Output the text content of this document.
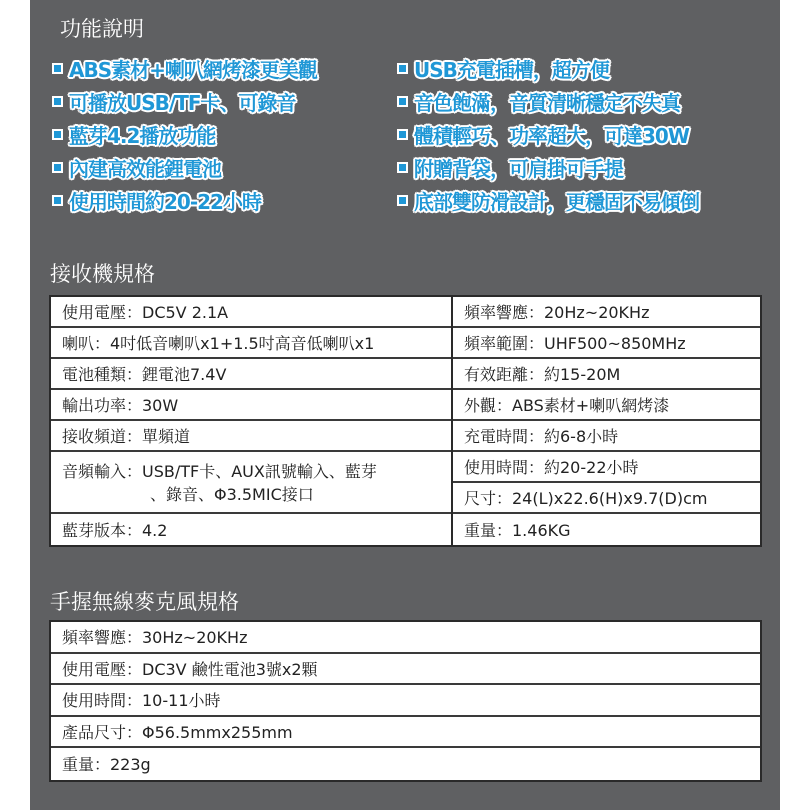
功能說明
ABS素材+喇叭網烤漆更美觀
可播放USB/TF卡、可錄音
藍芽4.2播放功能
內建高效能鋰電池
使用時間約20-22小時
USB充電插槽，超方便
音色飽滿，音質清晰穩定不失真
體積輕巧、功率超大，可達30W
附贈背袋，可肩掛可手提
底部雙防滑設計，更穩固不易傾倒
接收機規格
使用電壓：DC5V 2.1A
喇叭：4吋低音喇叭x1+1.5吋高音低喇叭x1
電池種類：鋰電池7.4V
輸出功率：30W
接收頻道：單頻道
音頻輸入：USB/TF卡、AUX訊號輸入、藍芽
、錄音、Φ3.5MIC接口
藍芽版本：4.2
頻率響應：20Hz~20KHz
頻率範圍：UHF500~850MHz
有效距離：約15-20M
外觀：ABS素材+喇叭網烤漆
充電時間：約6-8小時
使用時間：約20-22小時
尺寸：24(L)x22.6(H)x9.7(D)cm
重量：1.46KG
手握無線麥克風規格
頻率響應：30Hz~20KHz
使用電壓：DC3V 鹼性電池3號x2顆
使用時間：10-11小時
產品尺寸：Φ56.5mmx255mm
重量：223g
